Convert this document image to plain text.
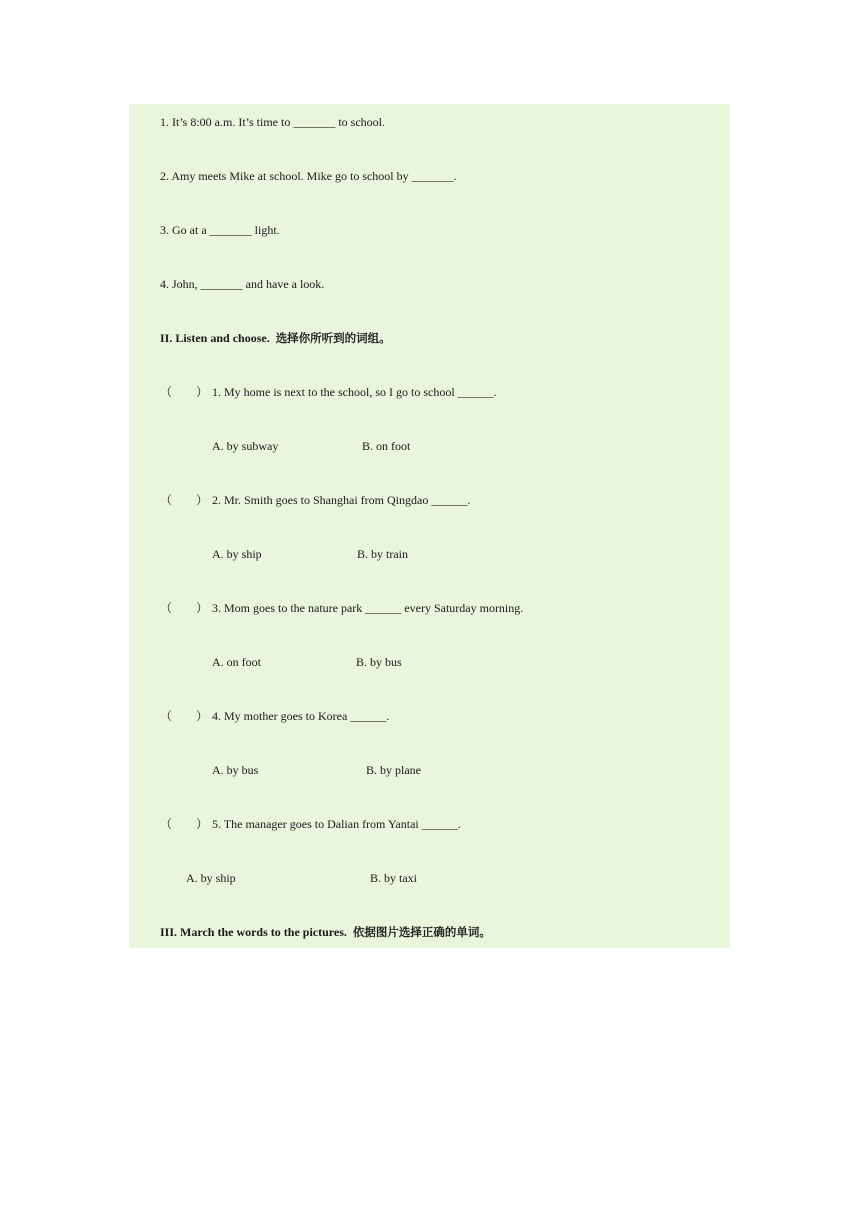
1. It’s 8:00 a.m. It’s time to _______ to school.
2. Amy meets Mike at school. Mike go to school by _______.
3. Go at a _______ light.
4. John, _______ and have a look.
II. Listen and choose. 选择你所听到的词组。
（　　） 1. My home is next to the school, so I go to school ______.
A. by subway	B. on foot
（　　） 2. Mr. Smith goes to Shanghai from Qingdao ______.
A. by ship	B. by train
（　　） 3. Mom goes to the nature park ______ every Saturday morning.
A. on foot	B. by bus
（　　） 4. My mother goes to Korea ______.
A. by bus	B. by plane
（　　） 5. The manager goes to Dalian from Yantai ______.
A. by ship	B. by taxi
III. March the words to the pictures. 依据图片选择正确的单词。
